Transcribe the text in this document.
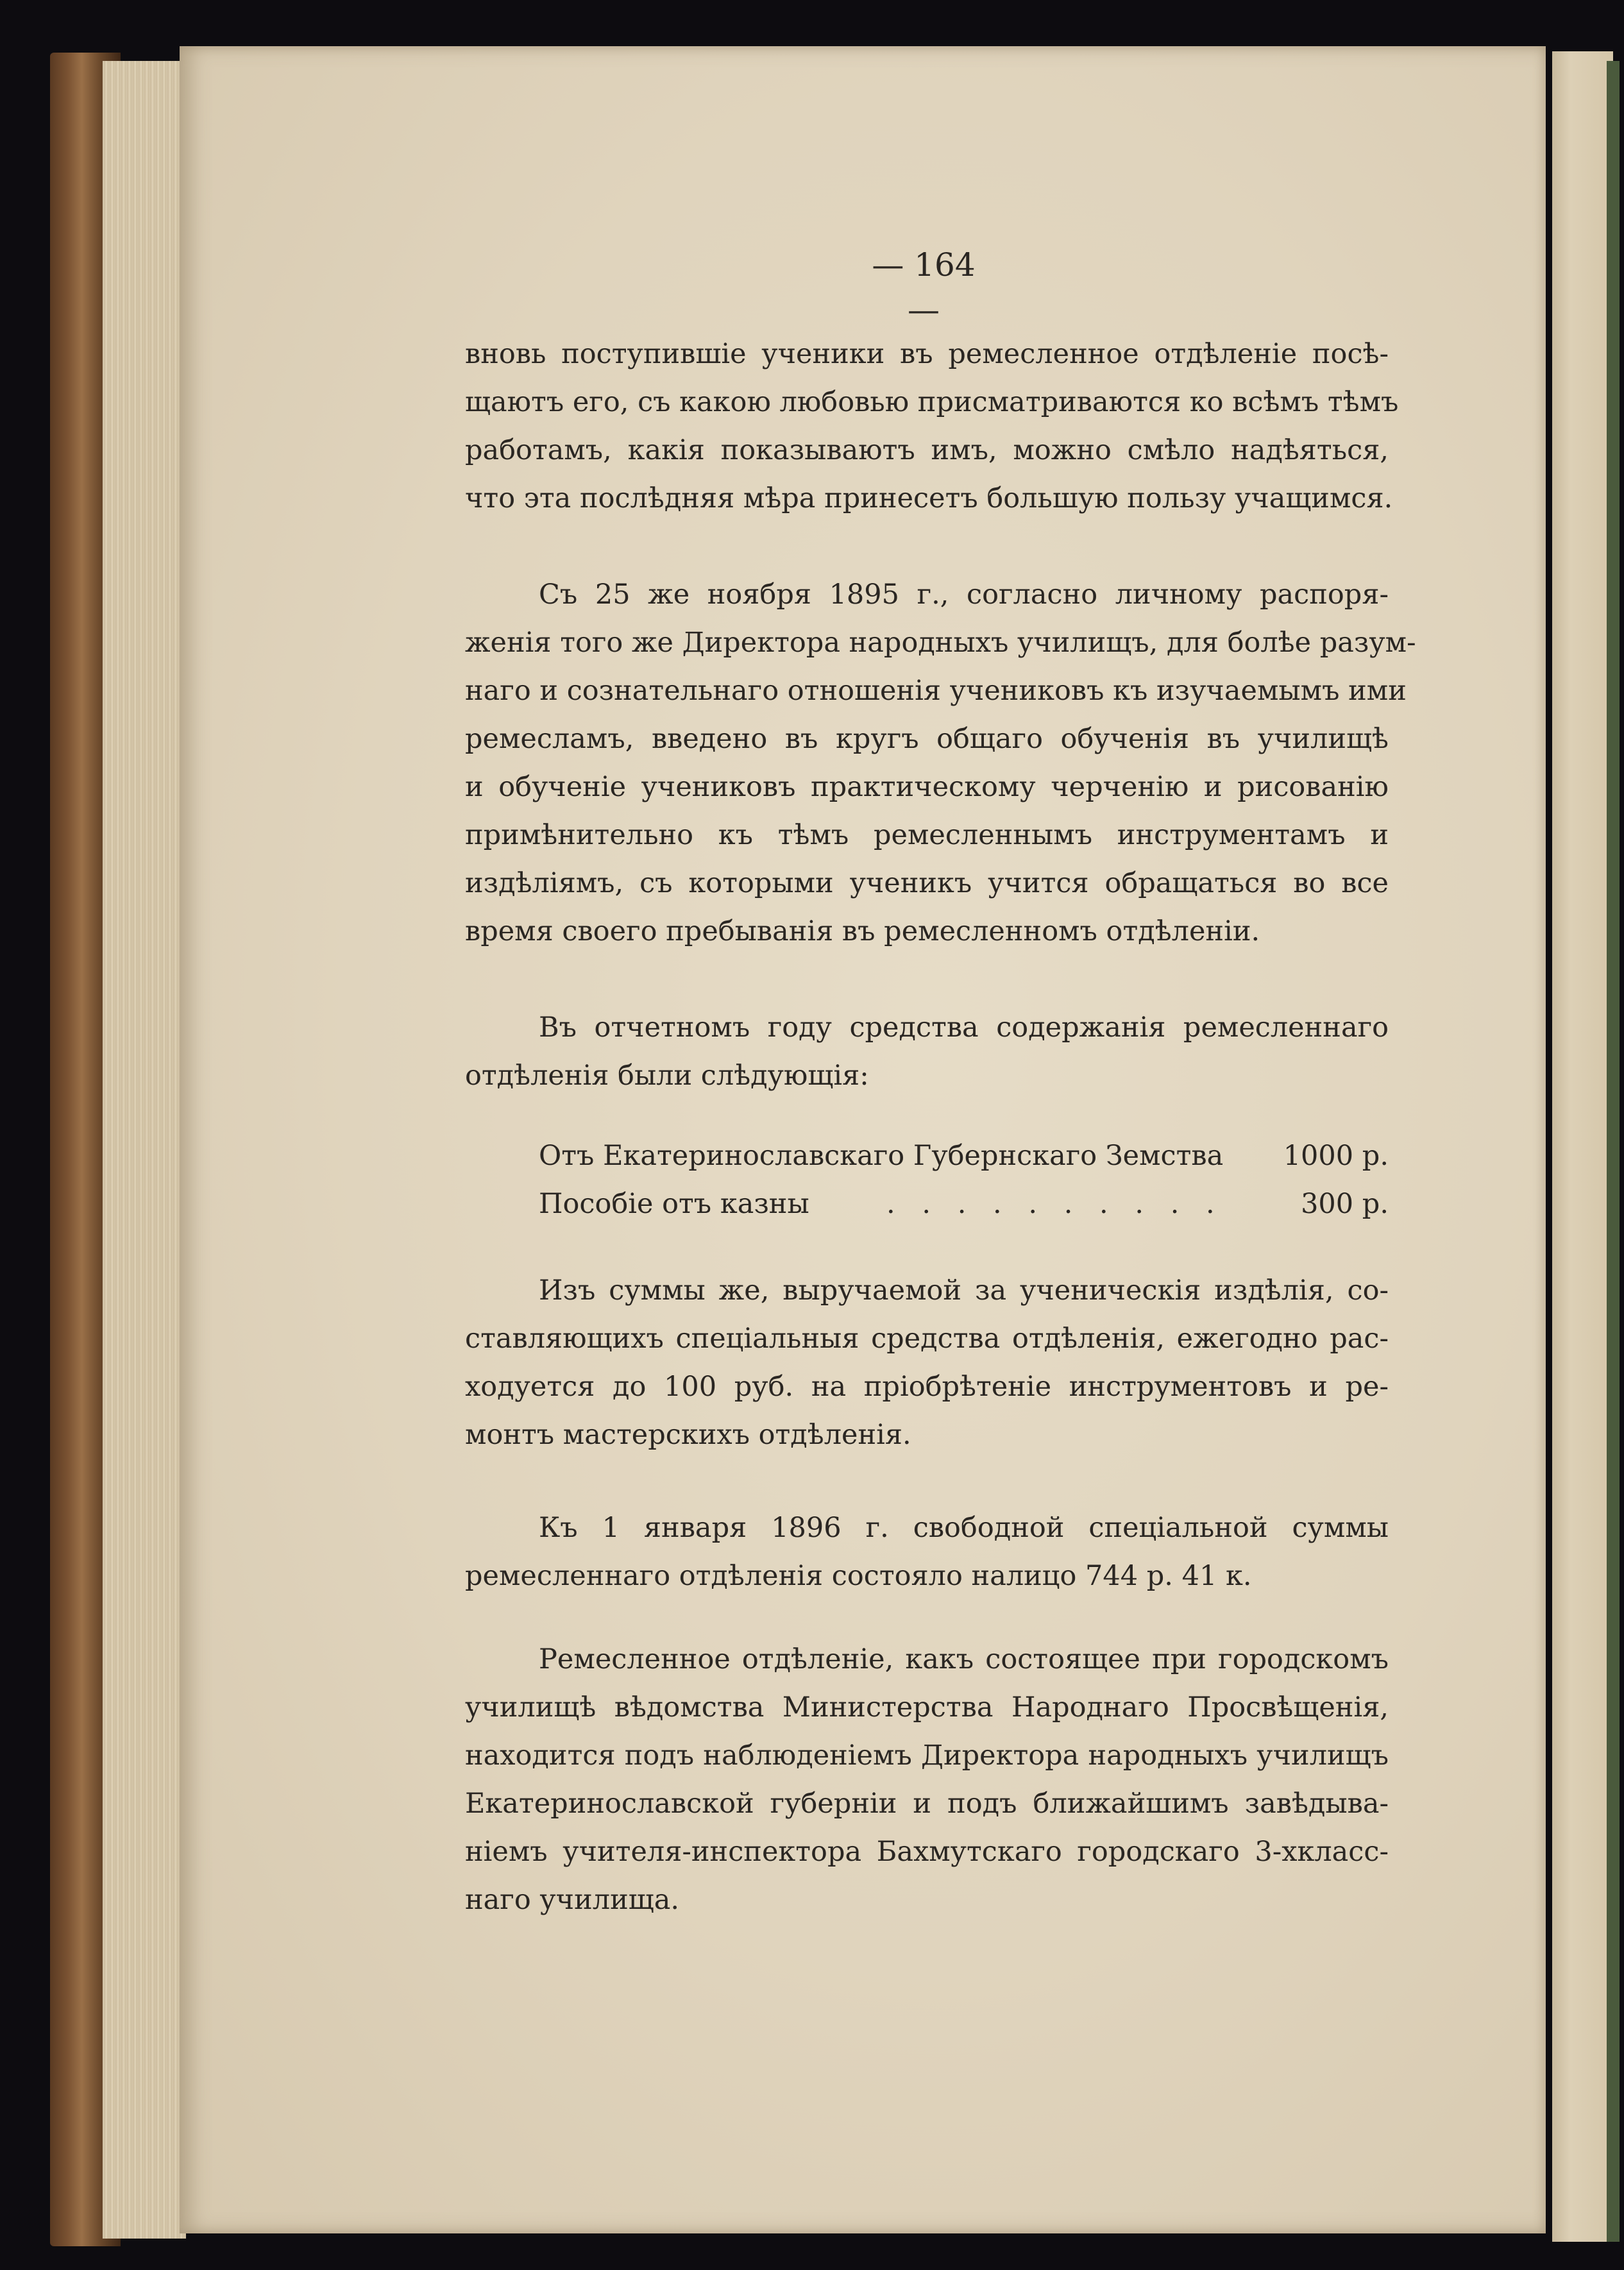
— 164 —
вновь поступившіе ученики въ ремесленное отдѣленіе посѣ-
щаютъ его, съ какою любовью присматриваются ко всѣмъ тѣмъ
работамъ, какія показываютъ имъ, можно смѣло надѣяться,
что эта послѣдняя мѣра принесетъ большую пользу учащимся.
Съ 25 же ноября 1895 г., согласно личному распоря-
женія того же Директора народныхъ училищъ, для болѣе разум-
наго и сознательнаго отношенія учениковъ къ изучаемымъ ими
ремесламъ, введено въ кругъ общаго обученія въ училищѣ
и обученіе учениковъ практическому черченію и рисованію
примѣнительно къ тѣмъ ремесленнымъ инструментамъ и
издѣліямъ, съ которыми ученикъ учится обращаться во все
время своего пребыванія въ ремесленномъ отдѣленіи.
Въ отчетномъ году средства содержанія ремесленнаго
отдѣленія были слѣдующія:
Отъ Екатеринославскаго Губернскаго Земства 1000 р.
Пособіе отъ казны	. . . . . . . . . .	300 р.
Изъ суммы же, выручаемой за ученическія издѣлія, со-
ставляющихъ спеціальныя средства отдѣленія, ежегодно рас-
ходуется до 100 руб. на пріобрѣтеніе инструментовъ и ре-
монтъ мастерскихъ отдѣленія.
Къ 1 января 1896 г. свободной спеціальной суммы
ремесленнаго отдѣленія состояло налицо 744 р. 41 к.
Ремесленное отдѣленіе, какъ состоящее при городскомъ
училищѣ вѣдомства Министерства Народнаго Просвѣщенія,
находится подъ наблюденіемъ Директора народныхъ училищъ
Екатеринославской губерніи и подъ ближайшимъ завѣдыва-
ніемъ учителя-инспектора Бахмутскаго городскаго 3-хкласс-
наго училища.
